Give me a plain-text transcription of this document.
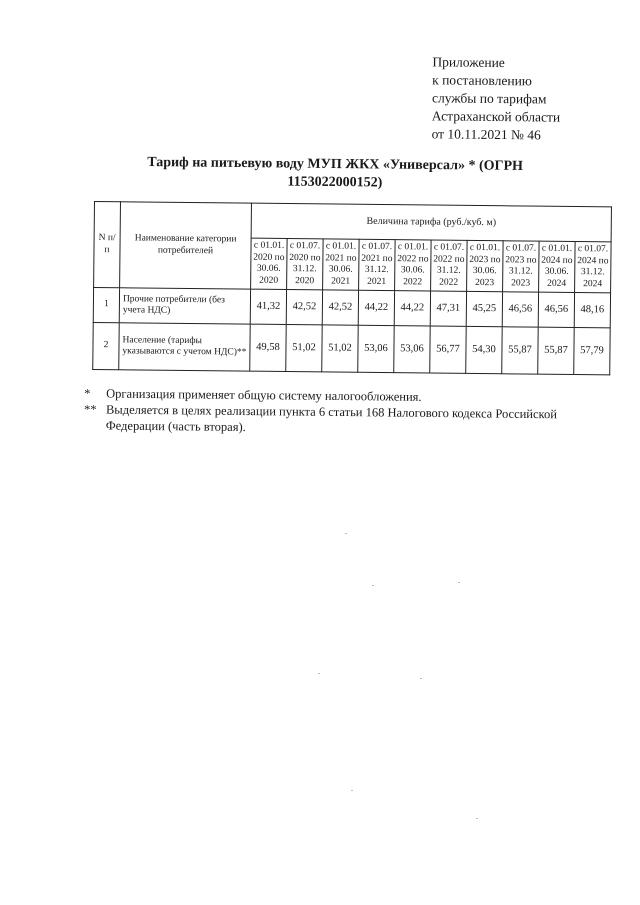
Приложение
к постановлению
службы по тарифам
Астраханской области
от 10.11.2021 № 46
Тариф на питьевую воду МУП ЖКХ «Универсал» * (ОГРН 1153022000152)
N п/п	Наименование категории потребителей	Величина тарифа (руб./куб. м)									
		с 01.01. 2020 по 30.06. 2020	с 01.07. 2020 по 31.12. 2020	с 01.01. 2021 по 30.06. 2021	с 01.07. 2021 по 31.12. 2021	с 01.01. 2022 по 30.06. 2022	с 01.07. 2022 по 31.12. 2022	с 01.01. 2023 по 30.06. 2023	с 01.07. 2023 по 31.12. 2023	с 01.01. 2024 по 30.06. 2024	с 01.07. 2024 по 31.12. 2024
1	Прочие потребители (без учета НДС)	41,32	42,52	42,52	44,22	44,22	47,31	45,25	46,56	46,56	48,16
2	Население (тарифы указываются с учетом НДС)**	49,58	51,02	51,02	53,06	53,06	56,77	54,30	55,87	55,87	57,79
*	Организация применяет общую систему налогообложения.
** Выделяется в целях реализации пункта 6 статьи 168 Налогового кодекса Российской Федерации (часть вторая).
